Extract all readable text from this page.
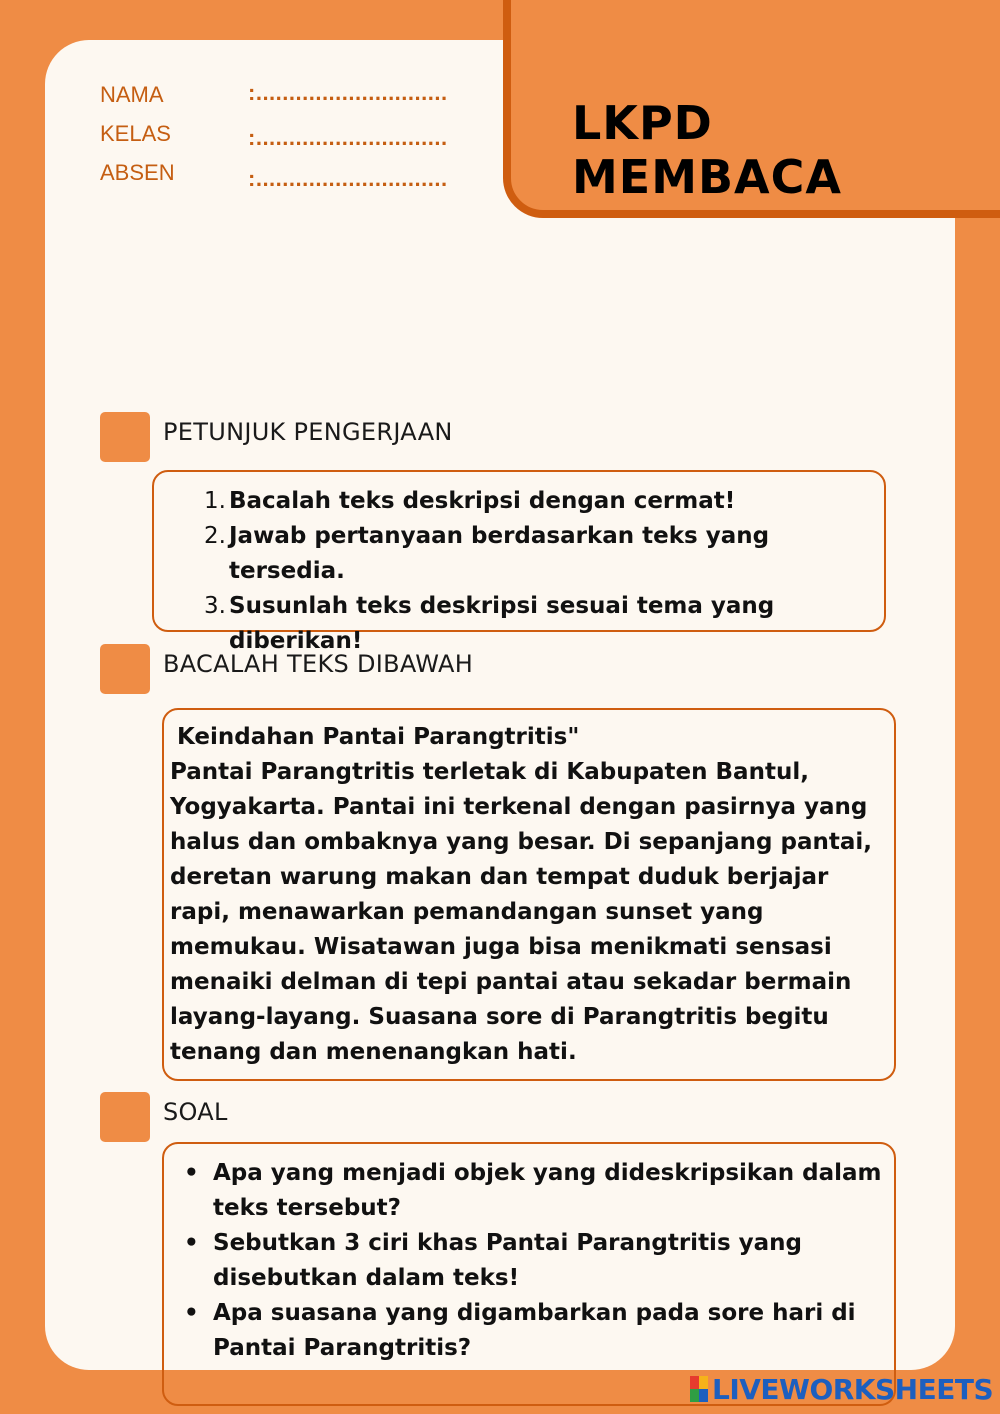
LKPD MEMBACA
NAMA	:.............................
KELAS	:.............................
ABSEN	:.............................
PETUNJUK PENGERJAAN
1. Bacalah teks deskripsi dengan cermat!
2. Jawab pertanyaan berdasarkan teks yang tersedia.
3. Susunlah teks deskripsi sesuai tema yang diberikan!
BACALAH TEKS DIBAWAH
Keindahan Pantai Parangtritis"
Pantai Parangtritis terletak di Kabupaten Bantul, Yogyakarta. Pantai ini terkenal dengan pasirnya yang halus dan ombaknya yang besar. Di sepanjang pantai, deretan warung makan dan tempat duduk berjajar rapi, menawarkan pemandangan sunset yang memukau. Wisatawan juga bisa menikmati sensasi menaiki delman di tepi pantai atau sekadar bermain layang-layang. Suasana sore di Parangtritis begitu tenang dan menenangkan hati.
SOAL
• Apa yang menjadi objek yang dideskripsikan dalam teks tersebut?
• Sebutkan 3 ciri khas Pantai Parangtritis yang disebutkan dalam teks!
• Apa suasana yang digambarkan pada sore hari di Pantai Parangtritis?
LIVEWORKSHEETS
